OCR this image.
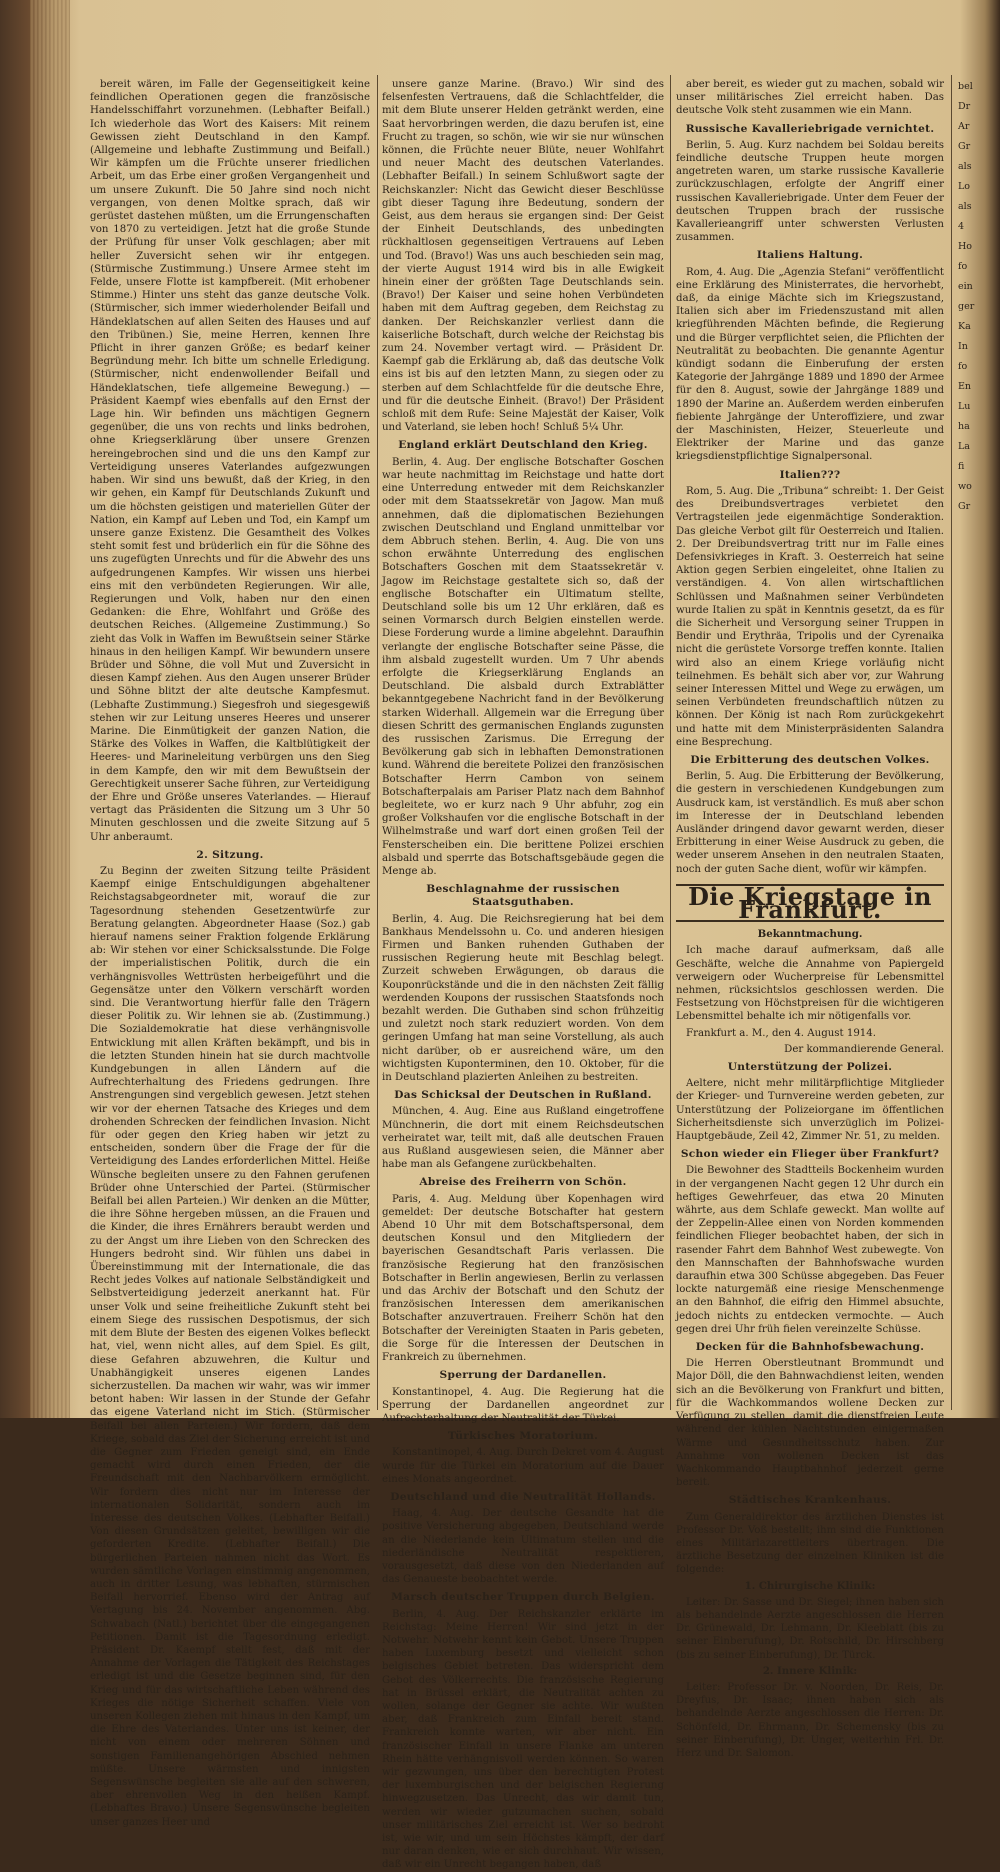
bereit wären, im Falle der Gegenseitigkeit keine feindlichen Operationen gegen die französische Handelsschiffahrt vorzunehmen. (Lebhafter Beifall.) Ich wiederhole das Wort des Kaisers: Mit reinem Gewissen zieht Deutschland in den Kampf. (Allgemeine und lebhafte Zustimmung und Beifall.) Wir kämpfen um die Früchte unserer friedlichen Arbeit, um das Erbe einer großen Vergangenheit und um unsere Zukunft. Die 50 Jahre sind noch nicht vergangen, von denen Moltke sprach, daß wir gerüstet dastehen müßten, um die Errungenschaften von 1870 zu verteidigen. Jetzt hat die große Stunde der Prüfung für unser Volk geschlagen; aber mit heller Zuversicht sehen wir ihr entgegen. (Stürmische Zustimmung.) Unsere Armee steht im Felde, unsere Flotte ist kampfbereit. (Mit erhobener Stimme.) Hinter uns steht das ganze deutsche Volk. (Stürmischer, sich immer wiederholender Beifall und Händeklatschen auf allen Seiten des Hauses und auf den Tribünen.) Sie, meine Herren, kennen Ihre Pflicht in ihrer ganzen Größe; es bedarf keiner Begründung mehr. Ich bitte um schnelle Erledigung. (Stürmischer, nicht endenwollender Beifall und Händeklatschen, tiefe allgemeine Bewegung.) — Präsident Kaempf wies ebenfalls auf den Ernst der Lage hin. Wir befinden uns mächtigen Gegnern gegenüber, die uns von rechts und links bedrohen, ohne Kriegserklärung über unsere Grenzen hereingebrochen sind und die uns den Kampf zur Verteidigung unseres Vaterlandes aufgezwungen haben. Wir sind uns bewußt, daß der Krieg, in den wir gehen, ein Kampf für Deutschlands Zukunft und um die höchsten geistigen und materiellen Güter der Nation, ein Kampf auf Leben und Tod, ein Kampf um unsere ganze Existenz. Die Gesamtheit des Volkes steht somit fest und brüderlich ein für die Söhne des uns zugefügten Unrechts und für die Abwehr des uns aufgedrungenen Kampfes. Wir wissen uns hierbei eins mit den verbündeten Regierungen. Wir alle, Regierungen und Volk, haben nur den einen Gedanken: die Ehre, Wohlfahrt und Größe des deutschen Reiches. (Allgemeine Zustimmung.) So zieht das Volk in Waffen im Bewußtsein seiner Stärke hinaus in den heiligen Kampf. Wir bewundern unsere Brüder und Söhne, die voll Mut und Zuversicht in diesen Kampf ziehen. Aus den Augen unserer Brüder und Söhne blitzt der alte deutsche Kampfesmut. (Lebhafte Zustimmung.) Siegesfroh und siegesgewiß stehen wir zur Leitung unseres Heeres und unserer Marine. Die Einmütigkeit der ganzen Nation, die Stärke des Volkes in Waffen, die Kaltblütigkeit der Heeres- und Marineleitung verbürgen uns den Sieg in dem Kampfe, den wir mit dem Bewußtsein der Gerechtigkeit unserer Sache führen, zur Verteidigung der Ehre und Größe unseres Vaterlandes. — Hierauf vertagt das Präsidenten die Sitzung um 3 Uhr 50 Minuten geschlossen und die zweite Sitzung auf 5 Uhr anberaumt.

2. Sitzung.

Zu Beginn der zweiten Sitzung teilte Präsident Kaempf einige Entschuldigungen abgehaltener Reichstagsabgeordneter mit, worauf die zur Tagesordnung stehenden Gesetzentwürfe zur Beratung gelangten. Abgeordneter Haase (Soz.) gab hierauf namens seiner Fraktion folgende Erklärung ab: Wir stehen vor einer Schicksalsstunde. Die Folge der imperialistischen Politik, durch die ein verhängnisvolles Wettrüsten herbeigeführt und die Gegensätze unter den Völkern verschärft worden sind. Die Verantwortung hierfür falle den Trägern dieser Politik zu. Wir lehnen sie ab. (Zustimmung.) Die Sozialdemokratie hat diese verhängnisvolle Entwicklung mit allen Kräften bekämpft, und bis in die letzten Stunden hinein hat sie durch machtvolle Kundgebungen in allen Ländern auf die Aufrechterhaltung des Friedens gedrungen. Ihre Anstrengungen sind vergeblich gewesen. Jetzt stehen wir vor der ehernen Tatsache des Krieges und dem drohenden Schrecken der feindlichen Invasion. Nicht für oder gegen den Krieg haben wir jetzt zu entscheiden, sondern über die Frage der für die Verteidigung des Landes erforderlichen Mittel. Heiße Wünsche begleiten unsere zu den Fahnen gerufenen Brüder ohne Unterschied der Partei. (Stürmischer Beifall bei allen Parteien.) Wir denken an die Mütter, die ihre Söhne hergeben müssen, an die Frauen und die Kinder, die ihres Ernährers beraubt werden und zu der Angst um ihre Lieben von den Schrecken des Hungers bedroht sind. Wir fühlen uns dabei in Übereinstimmung mit der Internationale, die das Recht jedes Volkes auf nationale Selbständigkeit und Selbstverteidigung jederzeit anerkannt hat. Für unser Volk und seine freiheitliche Zukunft steht bei einem Siege des russischen Despotismus, der sich mit dem Blute der Besten des eigenen Volkes befleckt hat, viel, wenn nicht alles, auf dem Spiel. Es gilt, diese Gefahren abzuwehren, die Kultur und Unabhängigkeit unseres eigenen Landes sicherzustellen. Da machen wir wahr, was wir immer betont haben: Wir lassen in der Stunde der Gefahr das eigene Vaterland nicht im Stich. (Stürmischer Beifall bei allen Parteien.) Wir fordern, daß dem Kriege, sobald das Ziel der Sicherung erreicht ist und die Gegner zum Frieden geneigt sind, ein Ende gemacht wird durch einen Frieden, der die Freundschaft mit den Nachbarvölkern ermöglicht. Wir fordern dies nicht nur im Interesse der internationalen Solidarität, sondern auch im Interesse des deutschen Volkes. (Lebhafter Beifall.) Von diesen Grundsätzen geleitet, bewilligen wir die geforderten Kredite. (Lebhafter Beifall.) Die bürgerlichen Parteien nahmen nicht das Wort. Es wurden sämtliche Vorlagen einstimmig angenommen, auch in dritter Lesung, was lebhaften, stürmischen Beifall hervorrief. Ebenso wird der Antrag auf Vertagung bis 24. November angenommen. Abg. Schwabach (Natl.) berichtet über die eingegangenen Petitionen. Damit ist die Tagesordnung erledigt. Präsident Dr. Kaempf stellt fest, daß mit der Annahme der Vorlagen die Tätigkeit des Reichstages erledigt ist und die Gesetze beginnen sind, für den Krieg und für das wirtschaftliche Leben während des Krieges die nötige Sicherheit schaffen. Viele von unseren Kollegen ziehen mit hinaus in den Kampf, um die Ehre des Vaterlandes. Unter uns ist keiner, der nicht von einem oder mehreren Söhnen und sonstigen Familienangehörigen Abschied nehmen müßte. Unsere wärmsten und innigsten Segenswünsche begleiten sie alle auf den schweren, aber ehrenvollen Weg in den heißen Kampf. (Lebhaftes Bravo.) Unsere Segenswünsche begleiten unser ganzes Heer und

unsere ganze Marine. (Bravo.) Wir sind des felsenfesten Vertrauens, daß die Schlachtfelder, die mit dem Blute unserer Helden getränkt werden, eine Saat hervorbringen werden, die dazu berufen ist, eine Frucht zu tragen, so schön, wie wir sie nur wünschen können, die Früchte neuer Blüte, neuer Wohlfahrt und neuer Macht des deutschen Vaterlandes. (Lebhafter Beifall.) In seinem Schlußwort sagte der Reichskanzler: Nicht das Gewicht dieser Beschlüsse gibt dieser Tagung ihre Bedeutung, sondern der Geist, aus dem heraus sie ergangen sind: Der Geist der Einheit Deutschlands, des unbedingten rückhaltlosen gegenseitigen Vertrauens auf Leben und Tod. (Bravo!) Was uns auch beschieden sein mag, der vierte August 1914 wird bis in alle Ewigkeit hinein einer der größten Tage Deutschlands sein. (Bravo!) Der Kaiser und seine hohen Verbündeten haben mit dem Auftrag gegeben, dem Reichstag zu danken. Der Reichskanzler verliest dann die kaiserliche Botschaft, durch welche der Reichstag bis zum 24. November vertagt wird. — Präsident Dr. Kaempf gab die Erklärung ab, daß das deutsche Volk eins ist bis auf den letzten Mann, zu siegen oder zu sterben auf dem Schlachtfelde für die deutsche Ehre, und für die deutsche Einheit. (Bravo!) Der Präsident schloß mit dem Rufe: Seine Majestät der Kaiser, Volk und Vaterland, sie leben hoch! Schluß 5¼ Uhr.

England erklärt Deutschland den Krieg.

Berlin, 4. Aug. Der englische Botschafter Goschen war heute nachmittag im Reichstage und hatte dort eine Unterredung entweder mit dem Reichskanzler oder mit dem Staatssekretär von Jagow. Man muß annehmen, daß die diplomatischen Beziehungen zwischen Deutschland und England unmittelbar vor dem Abbruch stehen. Berlin, 4. Aug. Die von uns schon erwähnte Unterredung des englischen Botschafters Goschen mit dem Staatssekretär v. Jagow im Reichstage gestaltete sich so, daß der englische Botschafter ein Ultimatum stellte, Deutschland solle bis um 12 Uhr erklären, daß es seinen Vormarsch durch Belgien einstellen werde. Diese Forderung wurde a limine abgelehnt. Daraufhin verlangte der englische Botschafter seine Pässe, die ihm alsbald zugestellt wurden. Um 7 Uhr abends erfolgte die Kriegserklärung Englands an Deutschland. Die alsbald durch Extrablätter bekanntgegebene Nachricht fand in der Bevölkerung starken Widerhall. Allgemein war die Erregung über diesen Schritt des germanischen Englands zugunsten des russischen Zarismus. Die Erregung der Bevölkerung gab sich in lebhaften Demonstrationen kund. Während die bereitete Polizei den französischen Botschafter Herrn Cambon von seinem Botschafterpalais am Pariser Platz nach dem Bahnhof begleitete, wo er kurz nach 9 Uhr abfuhr, zog ein großer Volkshaufen vor die englische Botschaft in der Wilhelmstraße und warf dort einen großen Teil der Fensterscheiben ein. Die berittene Polizei erschien alsbald und sperrte das Botschaftsgebäude gegen die Menge ab.

Beschlagnahme der russischen Staatsguthaben.

Berlin, 4. Aug. Die Reichsregierung hat bei dem Bankhaus Mendelssohn u. Co. und anderen hiesigen Firmen und Banken ruhenden Guthaben der russischen Regierung heute mit Beschlag belegt. Zurzeit schweben Erwägungen, ob daraus die Kouponrückstände und die in den nächsten Zeit fällig werdenden Koupons der russischen Staatsfonds noch bezahlt werden. Die Guthaben sind schon frühzeitig und zuletzt noch stark reduziert worden. Von dem geringen Umfang hat man seine Vorstellung, als auch nicht darüber, ob er ausreichend wäre, um den wichtigsten Kuponterminen, den 10. Oktober, für die in Deutschland plazierten Anleihen zu bestreiten.

Das Schicksal der Deutschen in Rußland.

München, 4. Aug. Eine aus Rußland eingetroffene Münchnerin, die dort mit einem Reichsdeutschen verheiratet war, teilt mit, daß alle deutschen Frauen aus Rußland ausgewiesen seien, die Männer aber habe man als Gefangene zurückbehalten.

Abreise des Freiherrn von Schön.

Paris, 4. Aug. Meldung über Kopenhagen wird gemeldet: Der deutsche Botschafter hat gestern Abend 10 Uhr mit dem Botschaftspersonal, dem deutschen Konsul und den Mitgliedern der bayerischen Gesandtschaft Paris verlassen. Die französische Regierung hat den französischen Botschafter in Berlin angewiesen, Berlin zu verlassen und das Archiv der Botschaft und den Schutz der französischen Interessen dem amerikanischen Botschafter anzuvertrauen. Freiherr Schön hat den Botschafter der Vereinigten Staaten in Paris gebeten, die Sorge für die Interessen der Deutschen in Frankreich zu übernehmen.

Sperrung der Dardanellen.

Konstantinopel, 4. Aug. Die Regierung hat die Sperrung der Dardanellen angeordnet zur Aufrechterhaltung der Neutralität der Türkei.

Türkisches Moratorium.

Konstantinopel, 4. Aug. Durch Dekret vom 4. August wurde für die Türkei ein Moratorium auf die Dauer eines Monats angeordnet.

Deutschland und die Neutralität Hollands.

Haag, 4. Aug. Der deutsche Gesandte hat die positive Versicherung abgegeben, Deutschland werde an die Niederlande kein Ultimatum stellen und die niederländische Neutralität respektieren, vorausgesetzt, daß diese von den Niederlanden auf das Genaueste beobachtet werde.

Marsch deutscher Truppen durch Belgien.

Berlin, 4. Aug. Der Reichskanzler erklärte im Reichstag: Meine Herren! Wir sind jetzt in der Notwehr. Notwehr kennt kein Gebot. Unsere Truppen haben Luxemburg besetzt und vielleicht schon belgisches Gebiet betreten. Das widerspricht dem Gebot des Völkerrechts. Die französische Regierung hat in Brüssel erklärt, die Neutralität achten zu wollen, solange der Gegner sie achte. Wir wußten aber, daß Frankreich zum Einfall bereit stand. Frankreich konnte warten, wir aber nicht. Ein französischer Einfall in unsere Flanke am unteren Rhein hätte verhängnisvoll werden können. So waren wir gezwungen, uns über den berechtigten Protest der luxemburgischen und der belgischen Regierung hinwegzusetzen. Das Unrecht, das wir damit tun, werden wir wieder gutzumachen suchen, sobald unser militärisches Ziel erreicht ist. Wer so bedroht ist, wie wir, und um sein Höchstes kämpft, der darf nur daran denken, wie er sich durchhaut. Wir wissen, daß wir ein Unrecht begangen haben, daß

aber bereit, es wieder gut zu machen, sobald wir unser militärisches Ziel erreicht haben. Das deutsche Volk steht zusammen wie ein Mann.

Russische Kavalleriebrigade vernichtet.

Berlin, 5. Aug. Kurz nachdem bei Soldau bereits feindliche deutsche Truppen heute morgen angetreten waren, um starke russische Kavallerie zurückzuschlagen, erfolgte der Angriff einer russischen Kavalleriebrigade. Unter dem Feuer der deutschen Truppen brach der russische Kavallerieangriff unter schwersten Verlusten zusammen.

Italiens Haltung.

Rom, 4. Aug. Die „Agenzia Stefani“ veröffentlicht eine Erklärung des Ministerrates, die hervorhebt, daß, da einige Mächte sich im Kriegszustand, Italien sich aber im Friedenszustand mit allen kriegführenden Mächten befinde, die Regierung und die Bürger verpflichtet seien, die Pflichten der Neutralität zu beobachten. Die genannte Agentur kündigt sodann die Einberufung der ersten Kategorie der Jahrgänge 1889 und 1890 der Armee für den 8. August, sowie der Jahrgänge 1889 und 1890 der Marine an. Außerdem werden einberufen fiebiente Jahrgänge der Unteroffiziere, und zwar der Maschinisten, Heizer, Steuerleute und Elektriker der Marine und das ganze kriegsdienstpflichtige Signalpersonal.

Italien???

Rom, 5. Aug. Die „Tribuna“ schreibt: 1. Der Geist des Dreibundsvertrages verbietet den Vertragsteilen jede eigenmächtige Sonderaktion. Das gleiche Verbot gilt für Oesterreich und Italien. 2. Der Dreibundsvertrag tritt nur im Falle eines Defensivkrieges in Kraft. 3. Oesterreich hat seine Aktion gegen Serbien eingeleitet, ohne Italien zu verständigen. 4. Von allen wirtschaftlichen Schlüssen und Maßnahmen seiner Verbündeten wurde Italien zu spät in Kenntnis gesetzt, da es für die Sicherheit und Versorgung seiner Truppen in Bendir und Erythräa, Tripolis und der Cyrenaika nicht die gerüstete Vorsorge treffen konnte. Italien wird also an einem Kriege vorläufig nicht teilnehmen. Es behält sich aber vor, zur Wahrung seiner Interessen Mittel und Wege zu erwägen, um seinen Verbündeten freundschaftlich nützen zu können. Der König ist nach Rom zurückgekehrt und hatte mit dem Ministerpräsidenten Salandra eine Besprechung.

Die Erbitterung des deutschen Volkes.

Berlin, 5. Aug. Die Erbitterung der Bevölkerung, die gestern in verschiedenen Kundgebungen zum Ausdruck kam, ist verständlich. Es muß aber schon im Interesse der in Deutschland lebenden Ausländer dringend davor gewarnt werden, dieser Erbitterung in einer Weise Ausdruck zu geben, die weder unserem Ansehen in den neutralen Staaten, noch der guten Sache dient, wofür wir kämpfen.

Die Kriegstage in Frankfurt.
Bekanntmachung.

Ich mache darauf aufmerksam, daß alle Geschäfte, welche die Annahme von Papiergeld verweigern oder Wucherpreise für Lebensmittel nehmen, rücksichtslos geschlossen werden. Die Festsetzung von Höchstpreisen für die wichtigeren Lebensmittel behalte ich mir nötigenfalls vor.

Frankfurt a. M., den 4. August 1914.

Der kommandierende General.

Unterstützung der Polizei.

Aeltere, nicht mehr militärpflichtige Mitglieder der Krieger- und Turnvereine werden gebeten, zur Unterstützung der Polizeiorgane im öffentlichen Sicherheitsdienste sich unverzüglich im Polizei-Hauptgebäude, Zeil 42, Zimmer Nr. 51, zu melden.

Schon wieder ein Flieger über Frankfurt?

Die Bewohner des Stadtteils Bockenheim wurden in der vergangenen Nacht gegen 12 Uhr durch ein heftiges Gewehrfeuer, das etwa 20 Minuten währte, aus dem Schlafe geweckt. Man wollte auf der Zeppelin-Allee einen von Norden kommenden feindlichen Flieger beobachtet haben, der sich in rasender Fahrt dem Bahnhof West zubewegte. Von den Mannschaften der Bahnhofswache wurden daraufhin etwa 300 Schüsse abgegeben. Das Feuer lockte naturgemäß eine riesige Menschenmenge an den Bahnhof, die eifrig den Himmel absuchte, jedoch nichts zu entdecken vermochte. — Auch gegen drei Uhr früh fielen vereinzelte Schüsse.

Decken für die Bahnhofsbewachung.

Die Herren Oberstleutnant Brommundt und Major Döll, die den Bahnwachdienst leiten, wenden sich an die Bevölkerung von Frankfurt und bitten, für die Wachkommandos wollene Decken zur Verfügung zu stellen, damit die dienstfreien Leute während der kühlen Nachtstunden einigermaßen Wärme und Gesundheitsschutz haben. Zur Annahme von wollenen Decken ist das Wachkommando Hauptbahnhof jederzeit gerne bereit.

Städtisches Krankenhaus.

Zum Generaldirektor des ärztlichen Dienstes ist Professor Dr. Voß bestellt; ihm sind die Funktionen eines Militärlazarettleiters übertragen. Die ärztliche Besetzung der einzelnen Kliniken ist die folgende:

1. Chirurgische Klinik:

Leiter: Dr. Sasse und Dr. Siegel; ihnen haben sich als behandelnde Aerzte angeschlossen die Herren Dr. Grünewald, Dr. Lehmann, Dr. Kleeblatt (bis zu seiner Einberufung), Dr. Rotschild, Dr. Hirschberg (bis zu seiner Einberufung), Dr. Türck.

2. Innere Klinik:

Leiter: Professor Dr. v. Noorden, Dr. Reis, Dr. Dreyfus, Dr. Isaac; ihnen haben sich als behandelnde Aerzte angeschlossen die Herren: Dr. Schönfeld, Dr. Ehrmann, Dr. Schemensky (bis zu seiner Einberufung), Dr. Unger, weiterhin Frl. Dr. Herz und Dr. Salomon.

bel
Dr
Ar
Gr
als
Lo
als
4
Ho
fo
ein
ger
Ka
In
fo
En
Lu
ha
La
fi
wo
Gr
